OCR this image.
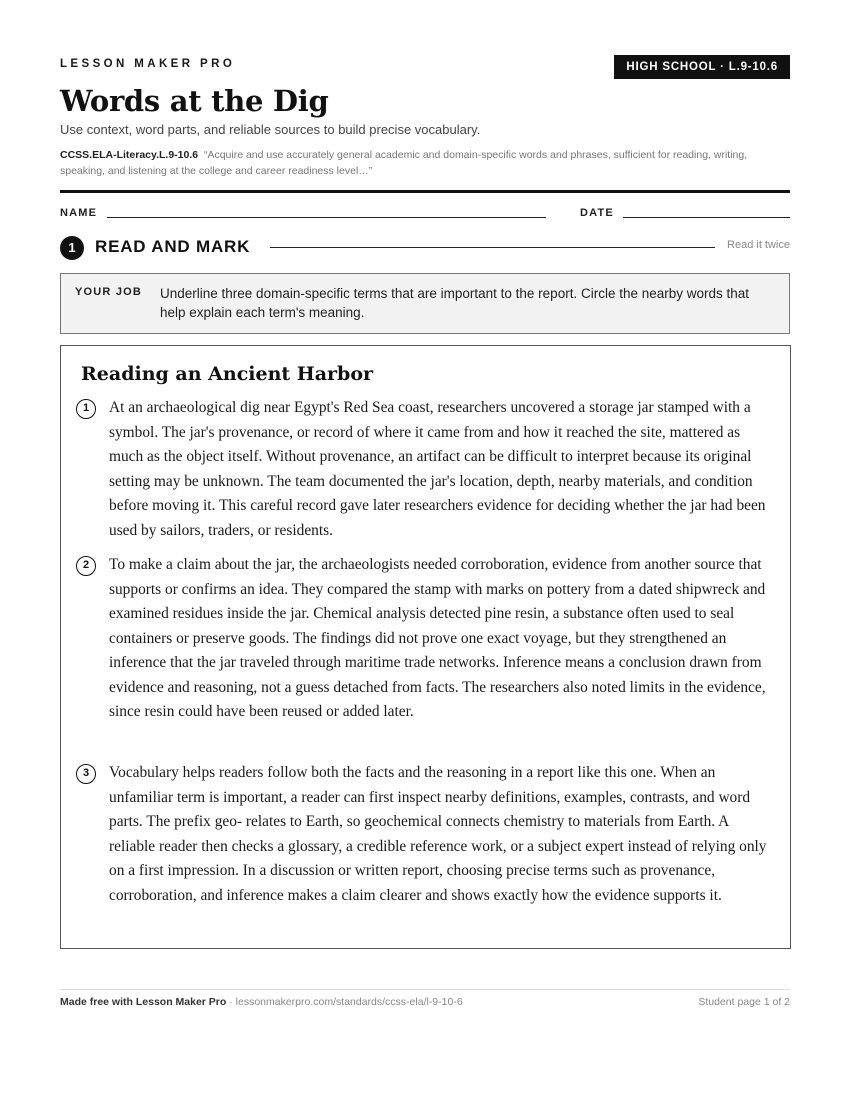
LESSON MAKER PRO	HIGH SCHOOL · L.9-10.6
Words at the Dig
Use context, word parts, and reliable sources to build precise vocabulary.
CCSS.ELA-Literacy.L.9-10.6 “Acquire and use accurately general academic and domain-specific words and phrases, sufficient for reading, writing, speaking, and listening at the college and career readiness level…”
NAME	DATE
1	READ AND MARK	Read it twice
YOUR JOB Underline three domain-specific terms that are important to the report. Circle the nearby words that help explain each term's meaning.
Reading an Ancient Harbor
1	At an archaeological dig near Egypt's Red Sea coast, researchers uncovered a storage jar stamped with a symbol. The jar's provenance, or record of where it came from and how it reached the site, mattered as much as the object itself. Without provenance, an artifact can be difficult to interpret because its original setting may be unknown. The team documented the jar's location, depth, nearby materials, and condition before moving it. This careful record gave later researchers evidence for deciding whether the jar had been used by sailors, traders, or residents.

2	To make a claim about the jar, the archaeologists needed corroboration, evidence from another source that supports or confirms an idea. They compared the stamp with marks on pottery from a dated shipwreck and examined residues inside the jar. Chemical analysis detected pine resin, a substance often used to seal containers or preserve goods. The findings did not prove one exact voyage, but they strengthened an inference that the jar traveled through maritime trade networks. Inference means a conclusion drawn from evidence and reasoning, not a guess detached from facts. The researchers also noted limits in the evidence, since resin could have been reused or added later.

3	Vocabulary helps readers follow both the facts and the reasoning in a report like this one. When an unfamiliar term is important, a reader can first inspect nearby definitions, examples, contrasts, and word parts. The prefix geo- relates to Earth, so geochemical connects chemistry to materials from Earth. A reliable reader then checks a glossary, a credible reference work, or a subject expert instead of relying only on a first impression. In a discussion or written report, choosing precise terms such as provenance, corroboration, and inference makes a claim clearer and shows exactly how the evidence supports it.

Made free with Lesson Maker Pro · lessonmakerpro.com/standards/ccss-ela/l-9-10-6	Student page 1 of 2
